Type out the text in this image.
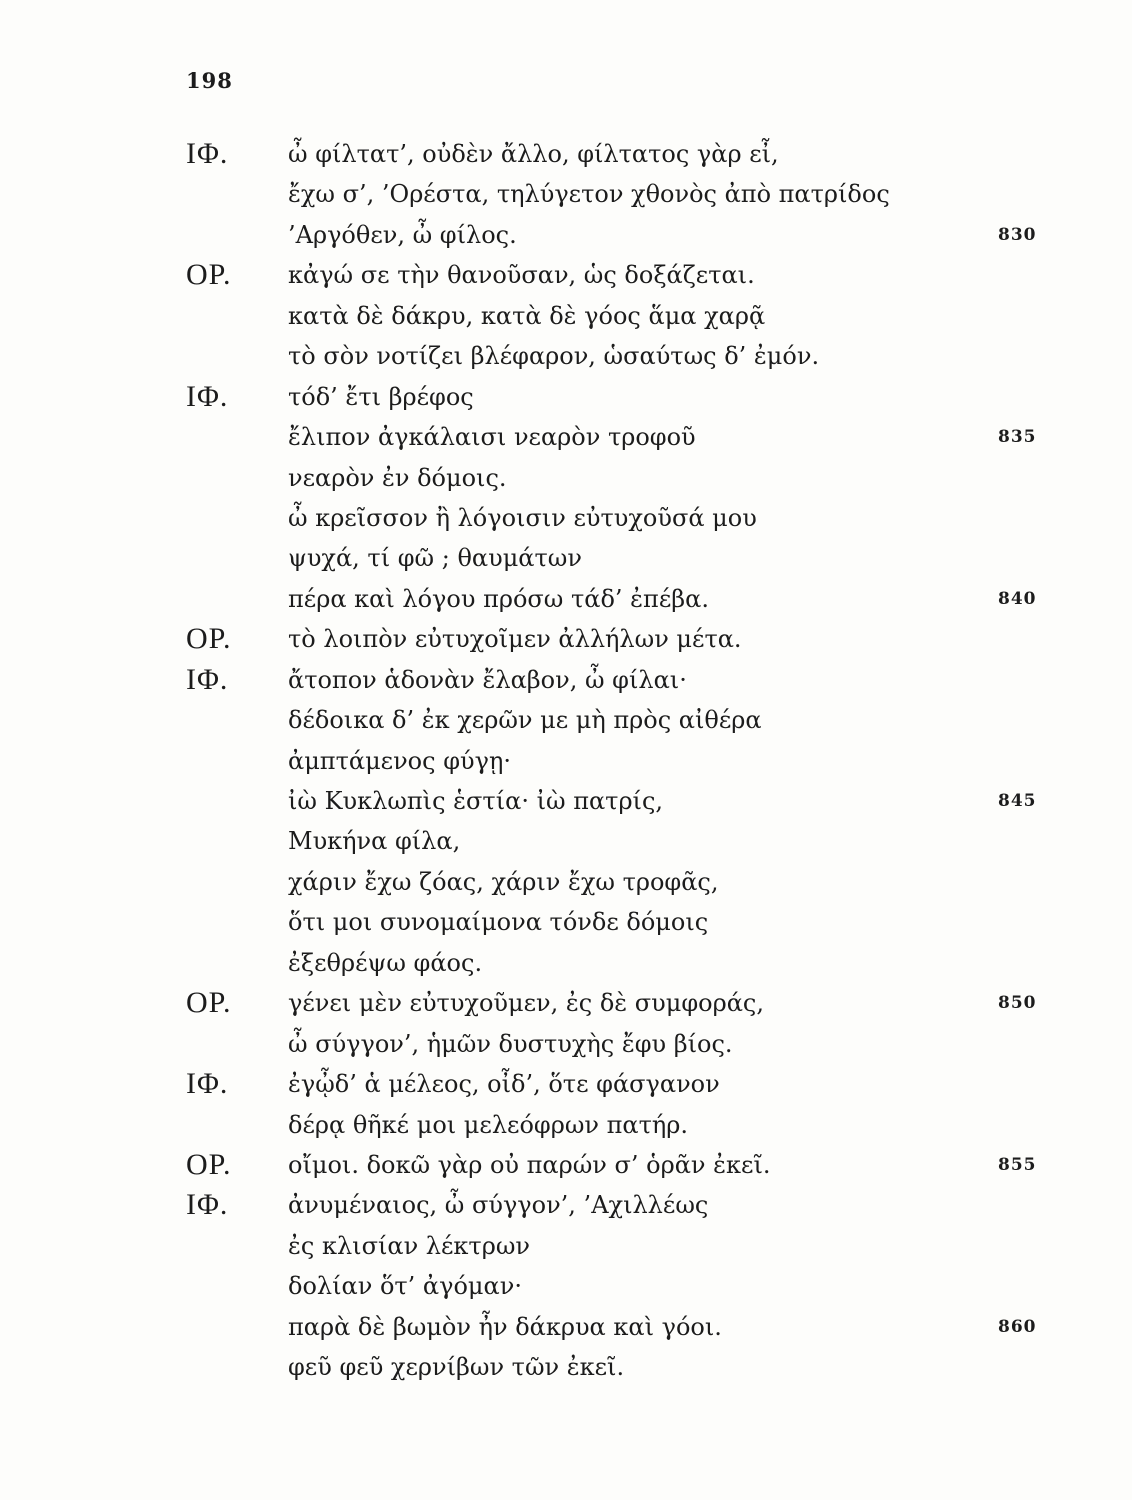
198
ΙΦ. ὦ φίλτατ’, οὐδὲν ἄλλο, φίλτατος γὰρ εἶ,
ἔχω σ’, ’Ορέστα, τηλύγετον χθονὸς ἀπὸ πατρίδος
’Αργόθεν, ὦ φίλος.	830
ΟΡ. κἀγώ σε τὴν θανοῦσαν, ὡς δοξάζεται.
κατὰ δὲ δάκρυ, κατὰ δὲ γόος ἅμα χαρᾷ
τὸ σὸν νοτίζει βλέφαρον, ὡσαύτως δ’ ἐμόν.
ΙΦ. τόδ’ ἔτι βρέφος
ἔλιπον ἀγκάλαισι νεαρὸν τροφοῦ	835
νεαρὸν ἐν δόμοις.
ὦ κρεῖσσον ἢ λόγοισιν εὐτυχοῦσά μου
ψυχά, τί φῶ ; θαυμάτων
πέρα καὶ λόγου πρόσω τάδ’ ἐπέβα.	840
ΟΡ. τὸ λοιπὸν εὐτυχοῖμεν ἀλλήλων μέτα.
ΙΦ. ἄτοπον ἁδονὰν ἔλαβον, ὦ φίλαι·
δέδοικα δ’ ἐκ χερῶν με μὴ πρὸς αἰθέρα
ἀμπτάμενος φύγῃ·
ἰὼ Κυκλωπὶς ἑστία· ἰὼ πατρίς,	845
Μυκήνα φίλα,
χάριν ἔχω ζόας, χάριν ἔχω τροφᾶς,
ὅτι μοι συνομαίμονα τόνδε δόμοις
ἐξεθρέψω φάος.
ΟΡ. γένει μὲν εὐτυχοῦμεν, ἐς δὲ συμφοράς,	850
ὦ σύγγον’, ἡμῶν δυστυχὴς ἔφυ βίος.
ΙΦ. ἐγᾦδ’ ἁ μέλεος, οἶδ’, ὅτε φάσγανον
δέρᾳ θῆκέ μοι μελεόφρων πατήρ.
ΟΡ. οἴμοι. δοκῶ γὰρ οὐ παρών σ’ ὁρᾶν ἐκεῖ.	855
ΙΦ. ἀνυμέναιος, ὦ σύγγον’, ’Αχιλλέως
ἐς κλισίαν λέκτρων
δολίαν ὅτ’ ἀγόμαν·
παρὰ δὲ βωμὸν ἦν δάκρυα καὶ γόοι.	860
φεῦ φεῦ χερνίβων τῶν ἐκεῖ.
